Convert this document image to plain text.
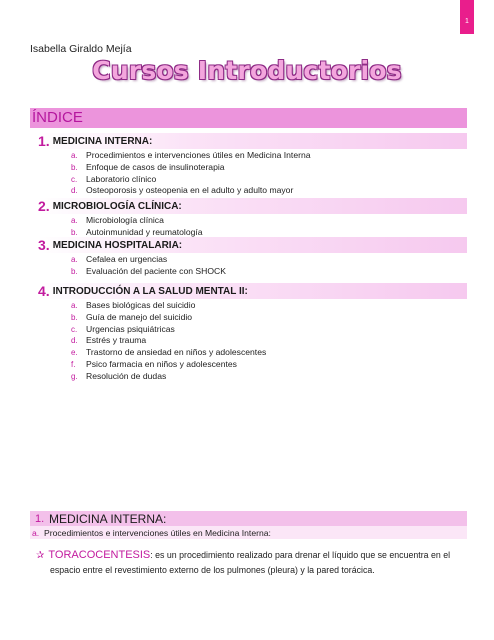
1
Isabella Giraldo Mejía
Cursos Introductorios
ÍNDICE
1. MEDICINA INTERNA:
a. Procedimientos e intervenciones útiles en Medicina Interna
b. Enfoque de casos de insulinoterapia
c.	Laboratorio clínico
d. Osteoporosis y osteopenia en el adulto y adulto mayor
2. MICROBIOLOGÍA CLÍNICA:
a. Microbiología clínica
b. Autoinmunidad y reumatología
3. MEDICINA HOSPITALARIA:
a. Cefalea en urgencias
b. Evaluación del paciente con SHOCK
4. INTRODUCCIÓN A LA SALUD MENTAL II:
a. Bases biológicas del suicidio
b. Guía de manejo del suicidio
c.	Urgencias psiquiátricas
d. Estrés y trauma
e. Trastorno de ansiedad en niños y adolescentes
f.	Psico farmacia en niños y adolescentes
g. Resolución de dudas
1. MEDICINA INTERNA:
a. Procedimientos e intervenciones útiles en Medicina Interna:
✰ TORACOCENTESIS: es un procedimiento realizado para drenar el líquido que se encuentra en el
espacio entre el revestimiento externo de los pulmones (pleura) y la pared torácica.
